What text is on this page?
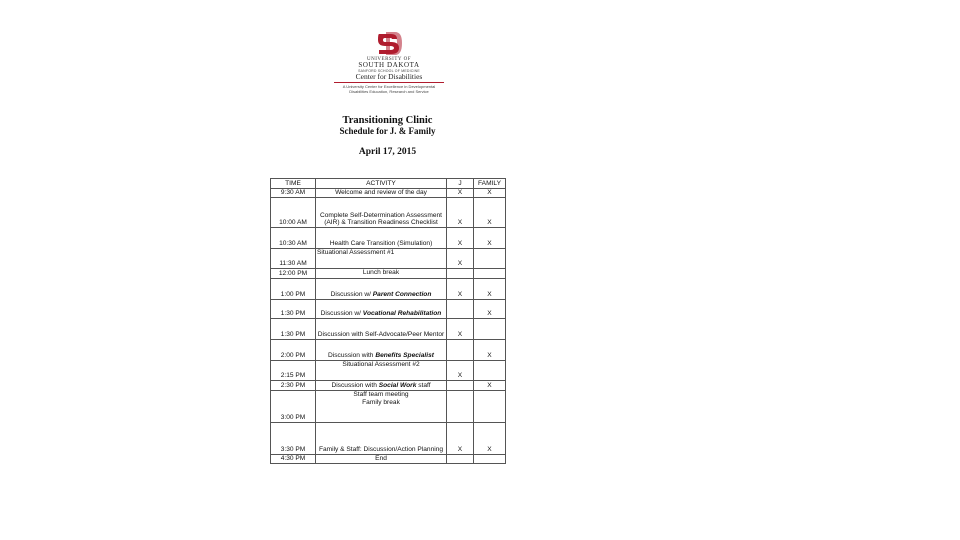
UNIVERSITY OF
SOUTH DAKOTA
SANFORD SCHOOL OF MEDICINE
Center for Disabilities
A University Center for Excellence in Developmental
Disabilities Education, Research and Service
Transitioning Clinic
Schedule for J. & Family
April 17, 2015
TIME	ACTIVITY	J	FAMILY
9:30 AM	Welcome and review of the day	X	X
10:00 AM	Complete Self-Determination Assessment (AIR) & Transition Readiness Checklist	X	X
10:30 AM	Health Care Transition (Simulation)	X	X
11:30 AM	Situational Assessment #1	X	
12:00 PM	Lunch break		
1:00 PM	Discussion w/ Parent Connection	X	X
1:30 PM	Discussion w/ Vocational Rehabilitation		X
1:30 PM	Discussion with Self-Advocate/Peer Mentor	X	
2:00 PM	Discussion with Benefits Specialist		X
2:15 PM	Situational Assessment #2	X	
2:30 PM	Discussion with Social Work staff		X
3:00 PM	Staff team meeting
Family break		

3:30 PM	Family & Staff: Discussion/Action Planning	X	X
4:30 PM	End		
